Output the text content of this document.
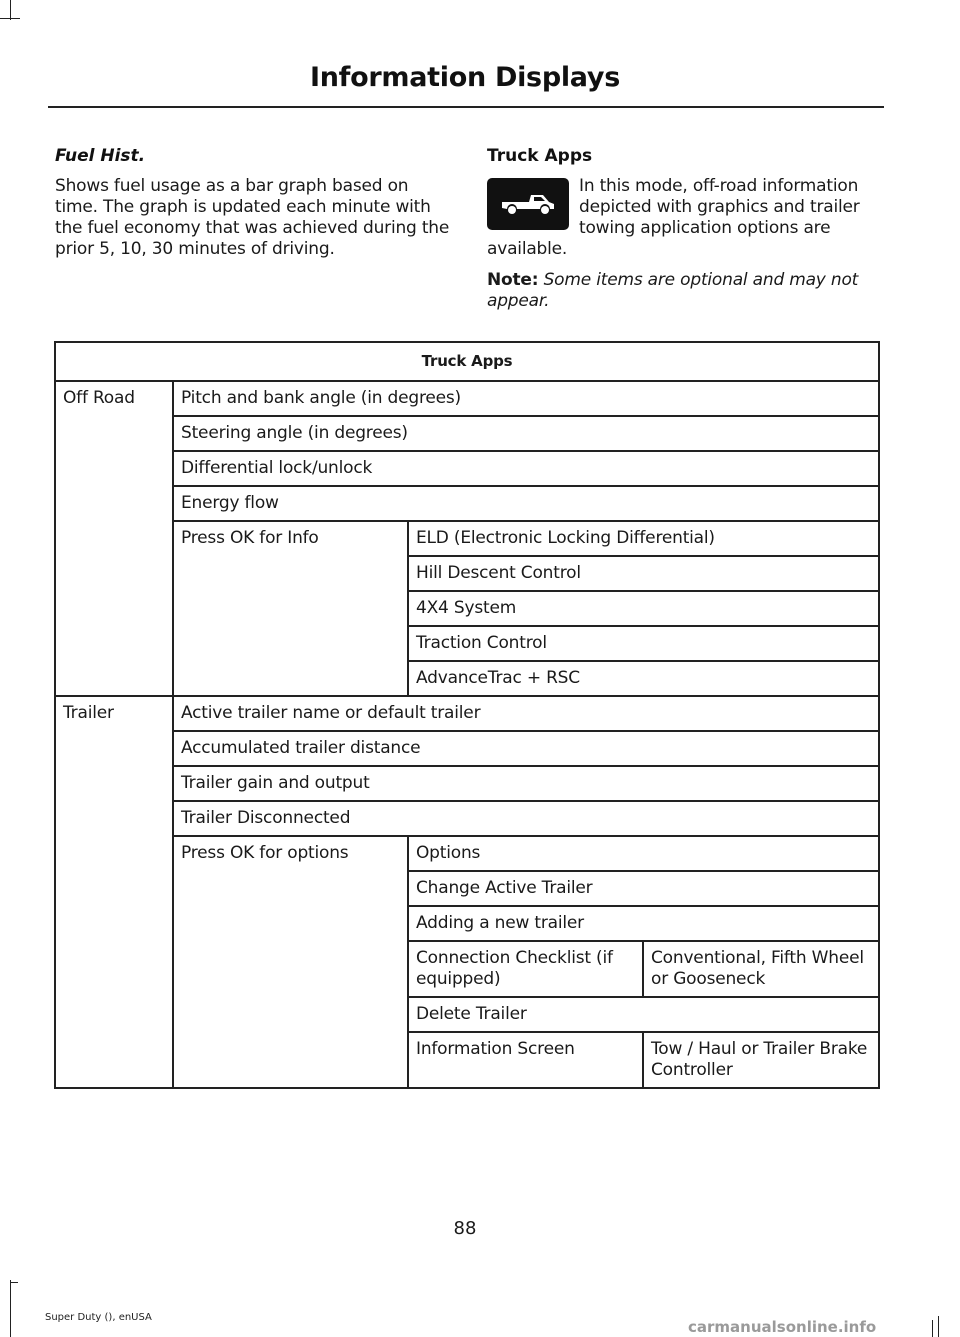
Information Displays
Fuel Hist.

Shows fuel usage as a bar graph based on time. The graph is updated each minute with the fuel economy that was achieved during the prior 5, 10, 30 minutes of driving.

Truck Apps

In this mode, off-road information depicted with graphics and trailer towing application options are available.

Note: Some items are optional and may not appear.

Truck Apps			
Off Road	Pitch and bank angle (in degrees)		
	Steering angle (in degrees)		
	Differential lock/unlock		
	Energy flow		
	Press OK for Info	ELD (Electronic Locking Differential)	
		Hill Descent Control	
		4X4 System	
		Traction Control	
		AdvanceTrac + RSC	
Trailer	Active trailer name or default trailer		
	Accumulated trailer distance		
	Trailer gain and output		
	Trailer Disconnected		
	Press OK for options	Options	
		Change Active Trailer	
		Adding a new trailer	
		Connection Checklist (if equipped)	Conventional, Fifth Wheel or Gooseneck
		Delete Trailer	
		Information Screen	Tow / Haul or Trailer Brake Controller
88
Super Duty (), enUSA
carmanualsonline.info
